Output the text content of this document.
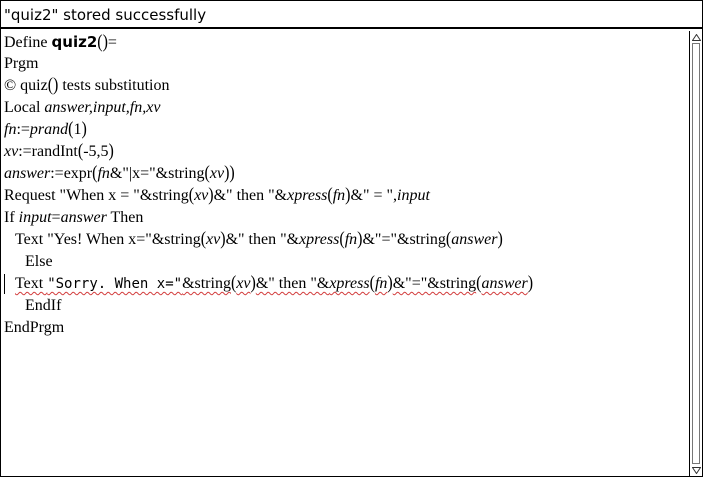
"quiz2" stored successfully
Define quiz2()=
Prgm
© quiz() tests substitution
Local answer,input,fn,xv
fn:=prand(1)
xv:=randInt(-5,5)
answer:=expr(fn&"|x="&string(xv))
Request "When x = "&string(xv)&" then "&xpress(fn)&" = ",input
If input=answer Then
Text "Yes! When x="&string(xv)&" then "&xpress(fn)&"="&string(answer)
Else
Text "Sorry. When x="&string(xv)&" then "&xpress(fn)&"="&string(answer)
EndIf
EndPrgm
